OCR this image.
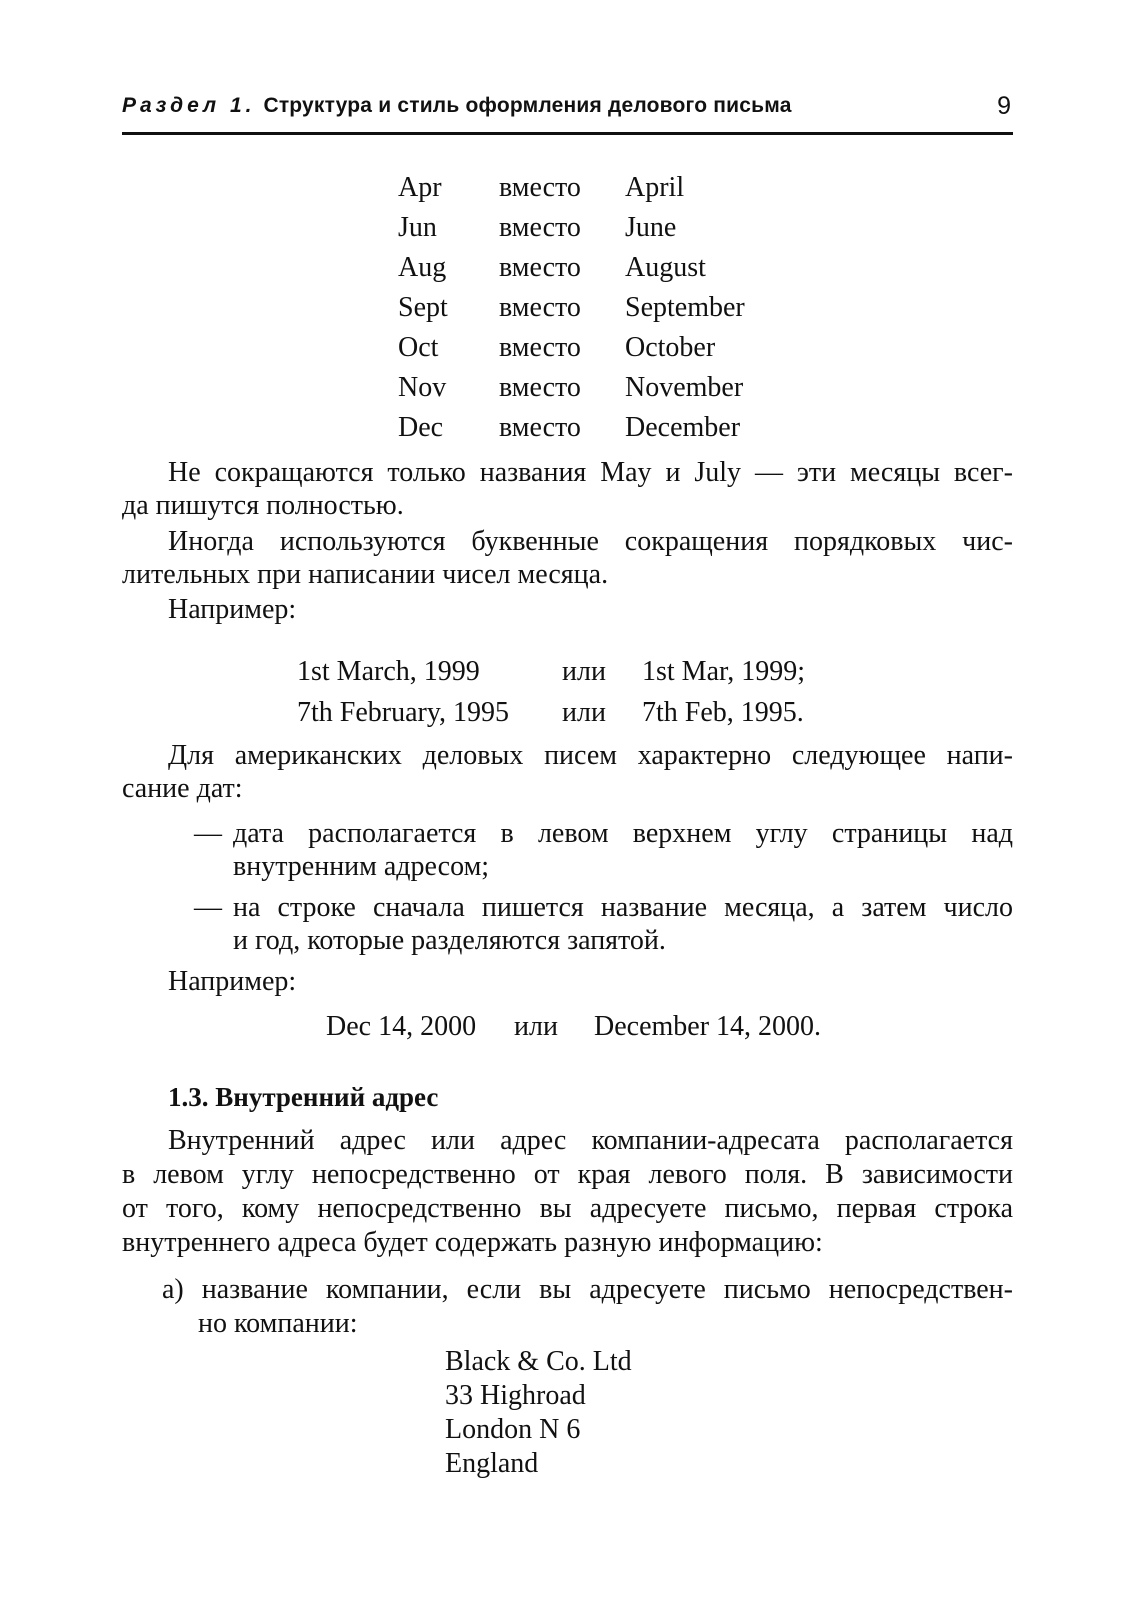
Раздел 1. Структура и стиль оформления делового письма	9
Apr вместо April
Jun вместо June
Aug вместо August
Sept вместо September
Oct вместо October
Nov вместо November
Dec вместо December
Не сокращаются только названия May и July — эти месяцы всег-
да пишутся полностью.
Иногда используются буквенные сокращения порядковых чис-
лительных при написании чисел месяца.
Например:
1st March, 1999	или 1st Mar, 1999;
7th February, 1995 или 7th Feb, 1995.
Для американских деловых писем характерно следующее напи-
сание дат:
— дата располагается в левом верхнем углу страницы над
внутренним адресом;
— на строке сначала пишется название месяца, а затем число
и год, которые разделяются запятой.
Например:
Dec 14, 2000 или December 14, 2000.
1.3. Внутренний адрес
Внутренний адрес или адрес компании-адресата располагается
в левом углу непосредственно от края левого поля. В зависимости
от того, кому непосредственно вы адресуете письмо, первая строка
внутреннего адреса будет содержать разную информацию:
а) название компании, если вы адресуете письмо непосредствен-
но компании:
Black & Co. Ltd
33 Highroad
London N 6
England
